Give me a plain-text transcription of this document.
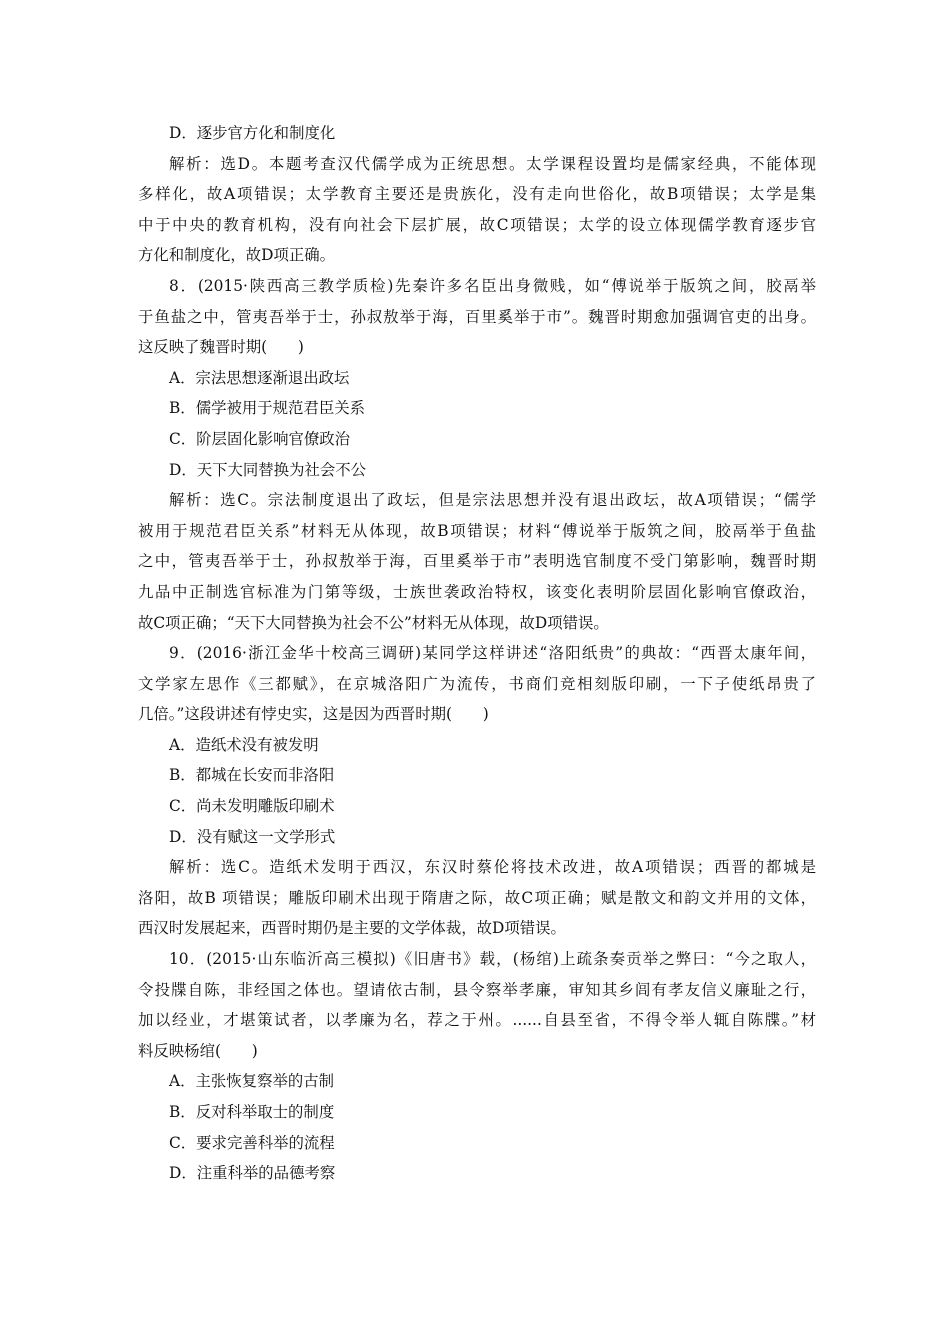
D．逐步官方化和制度化
解析：选D。本题考查汉代儒学成为正统思想。太学课程设置均是儒家经典，不能体现
多样化，故A项错误；太学教育主要还是贵族化，没有走向世俗化，故B项错误；太学是集
中于中央的教育机构，没有向社会下层扩展，故C项错误；太学的设立体现儒学教育逐步官
方化和制度化，故D项正确。
8．(2015·陕西高三教学质检)先秦许多名臣出身微贱，如“傅说举于版筑之间，胶鬲举
于鱼盐之中，管夷吾举于士，孙叔敖举于海，百里奚举于市”。魏晋时期愈加强调官吏的出身。
这反映了魏晋时期(　　)
A．宗法思想逐渐退出政坛
B．儒学被用于规范君臣关系
C．阶层固化影响官僚政治
D．天下大同替换为社会不公
解析：选C。宗法制度退出了政坛，但是宗法思想并没有退出政坛，故A项错误；“儒学
被用于规范君臣关系”材料无从体现，故B项错误；材料“傅说举于版筑之间，胶鬲举于鱼盐
之中，管夷吾举于士，孙叔敖举于海，百里奚举于市”表明选官制度不受门第影响，魏晋时期
九品中正制选官标准为门第等级，士族世袭政治特权，该变化表明阶层固化影响官僚政治，
故C项正确；“天下大同替换为社会不公”材料无从体现，故D项错误。
9．(2016·浙江金华十校高三调研)某同学这样讲述“洛阳纸贵”的典故：“西晋太康年间，
文学家左思作《三都赋》，在京城洛阳广为流传，书商们竞相刻版印刷，一下子使纸昂贵了
几倍。”这段讲述有悖史实，这是因为西晋时期(　　)
A．造纸术没有被发明
B．都城在长安而非洛阳
C．尚未发明雕版印刷术
D．没有赋这一文学形式
解析：选C。造纸术发明于西汉，东汉时蔡伦将技术改进，故A项错误；西晋的都城是
洛阳，故B 项错误；雕版印刷术出现于隋唐之际，故C项正确；赋是散文和韵文并用的文体，
西汉时发展起来，西晋时期仍是主要的文学体裁，故D项错误。
10．(2015·山东临沂高三模拟)《旧唐书》载，(杨绾)上疏条奏贡举之弊曰：“今之取人，
令投牒自陈，非经国之体也。望请依古制，县令察举孝廉，审知其乡闾有孝友信义廉耻之行，
加以经业，才堪策试者，以孝廉为名，荐之于州。......自县至省，不得令举人辄自陈牒。”材
料反映杨绾(　　)
A．主张恢复察举的古制
B．反对科举取士的制度
C．要求完善科举的流程
D．注重科举的品德考察
